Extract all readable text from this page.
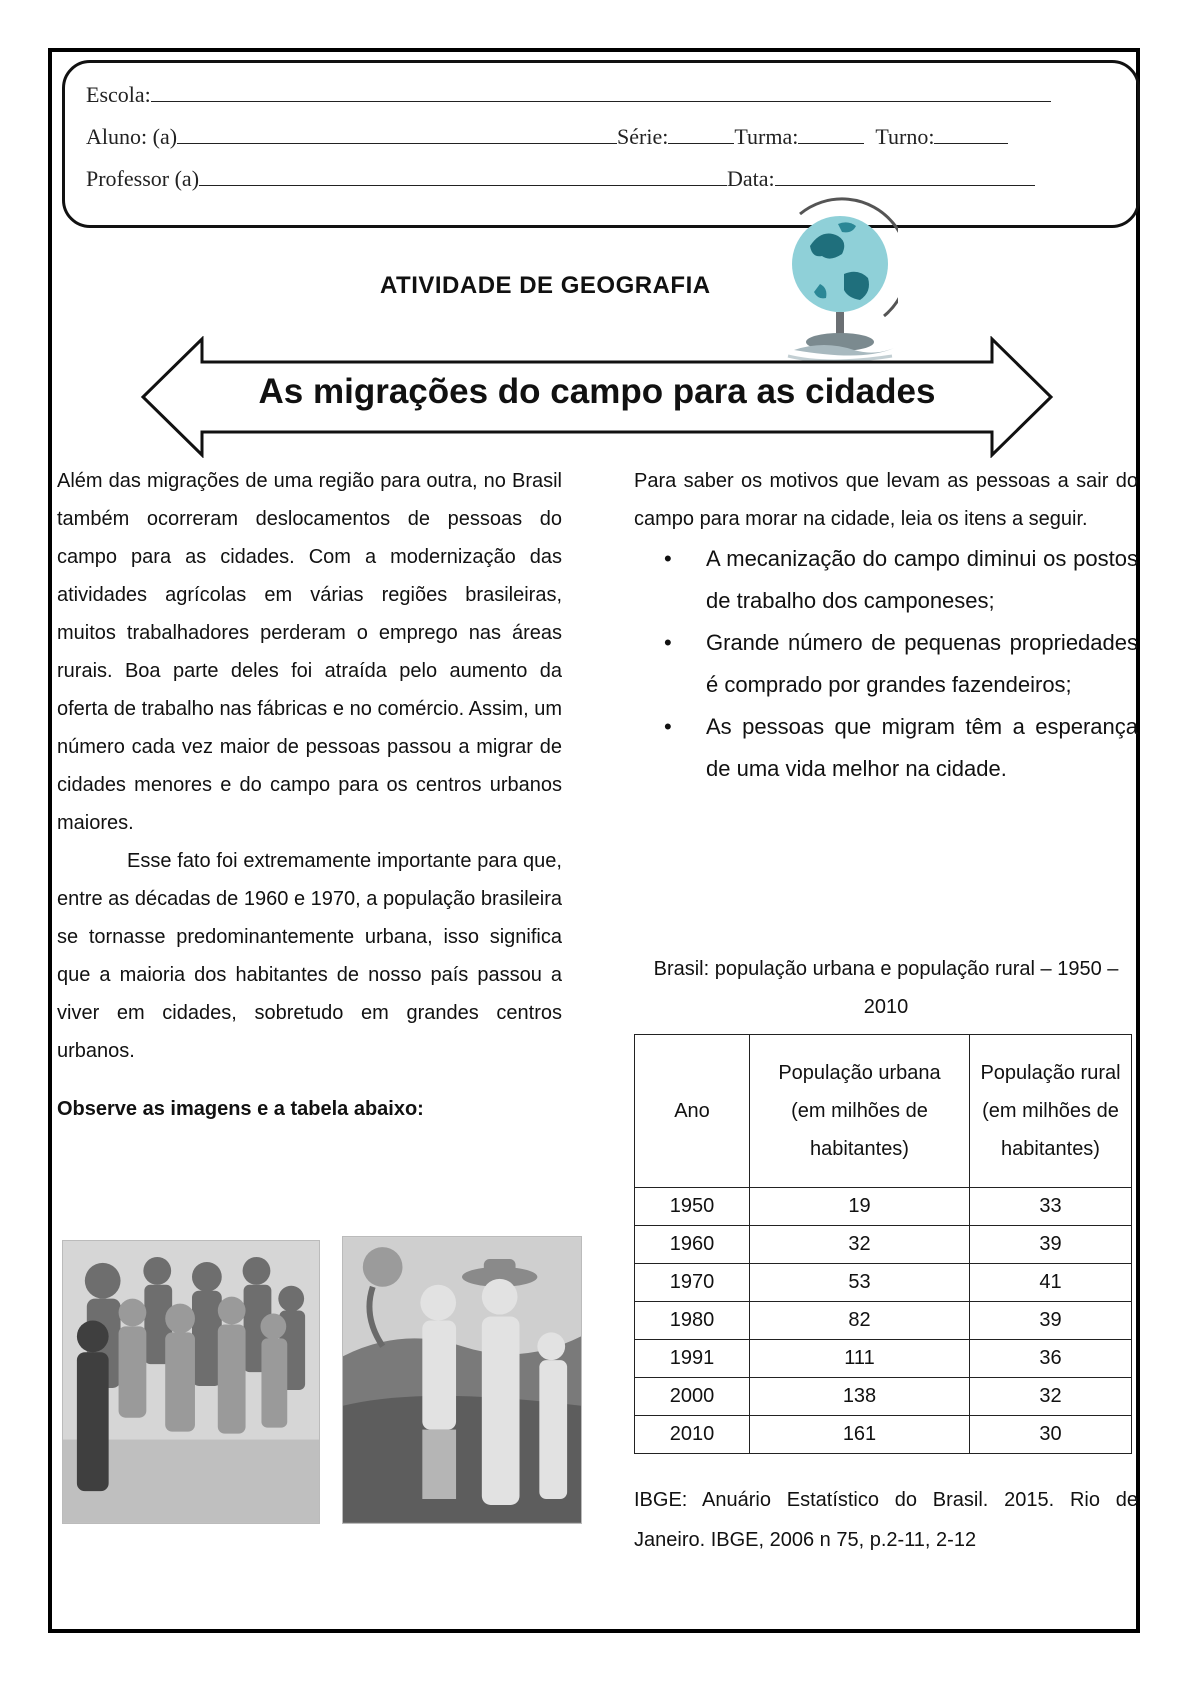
Escola:
Aluno: (a)	Série:	Turma:	Turno:
Professor (a)	Data:
ATIVIDADE DE GEOGRAFIA
As migrações do campo para as cidades

Além das migrações de uma região para outra, no Brasil também ocorreram deslocamentos de pessoas do campo para as cidades. Com a modernização das atividades agrícolas em várias regiões brasileiras, muitos trabalhadores perderam o emprego nas áreas rurais. Boa parte deles foi atraída pelo aumento da oferta de trabalho nas fábricas e no comércio. Assim, um número cada vez maior de pessoas passou a migrar de cidades menores e do campo para os centros urbanos maiores.

Esse fato foi extremamente importante para que, entre as décadas de 1960 e 1970, a população brasileira se tornasse predominantemente urbana, isso significa que a maioria dos habitantes de nosso país passou a viver em cidades, sobretudo em grandes centros urbanos.

Observe as imagens e a tabela abaixo:

Para saber os motivos que levam as pessoas a sair do campo para morar na cidade, leia os itens a seguir.

• A mecanização do campo diminui os postos de trabalho dos camponeses;
• Grande número de pequenas propriedades é comprado por grandes fazendeiros;
• As pessoas que migram têm a esperança de uma vida melhor na cidade.
Brasil: população urbana e população rural – 1950 – 2010
Ano	População urbana (em milhões de habitantes)	População rural (em milhões de habitantes)
1950	19	33
1960	32	39
1970	53	41
1980	82	39
1991	111	36
2000	138	32
2010	161	30
IBGE: Anuário Estatístico do Brasil. 2015. Rio de Janeiro. IBGE, 2006 n 75, p.2-11, 2-12
